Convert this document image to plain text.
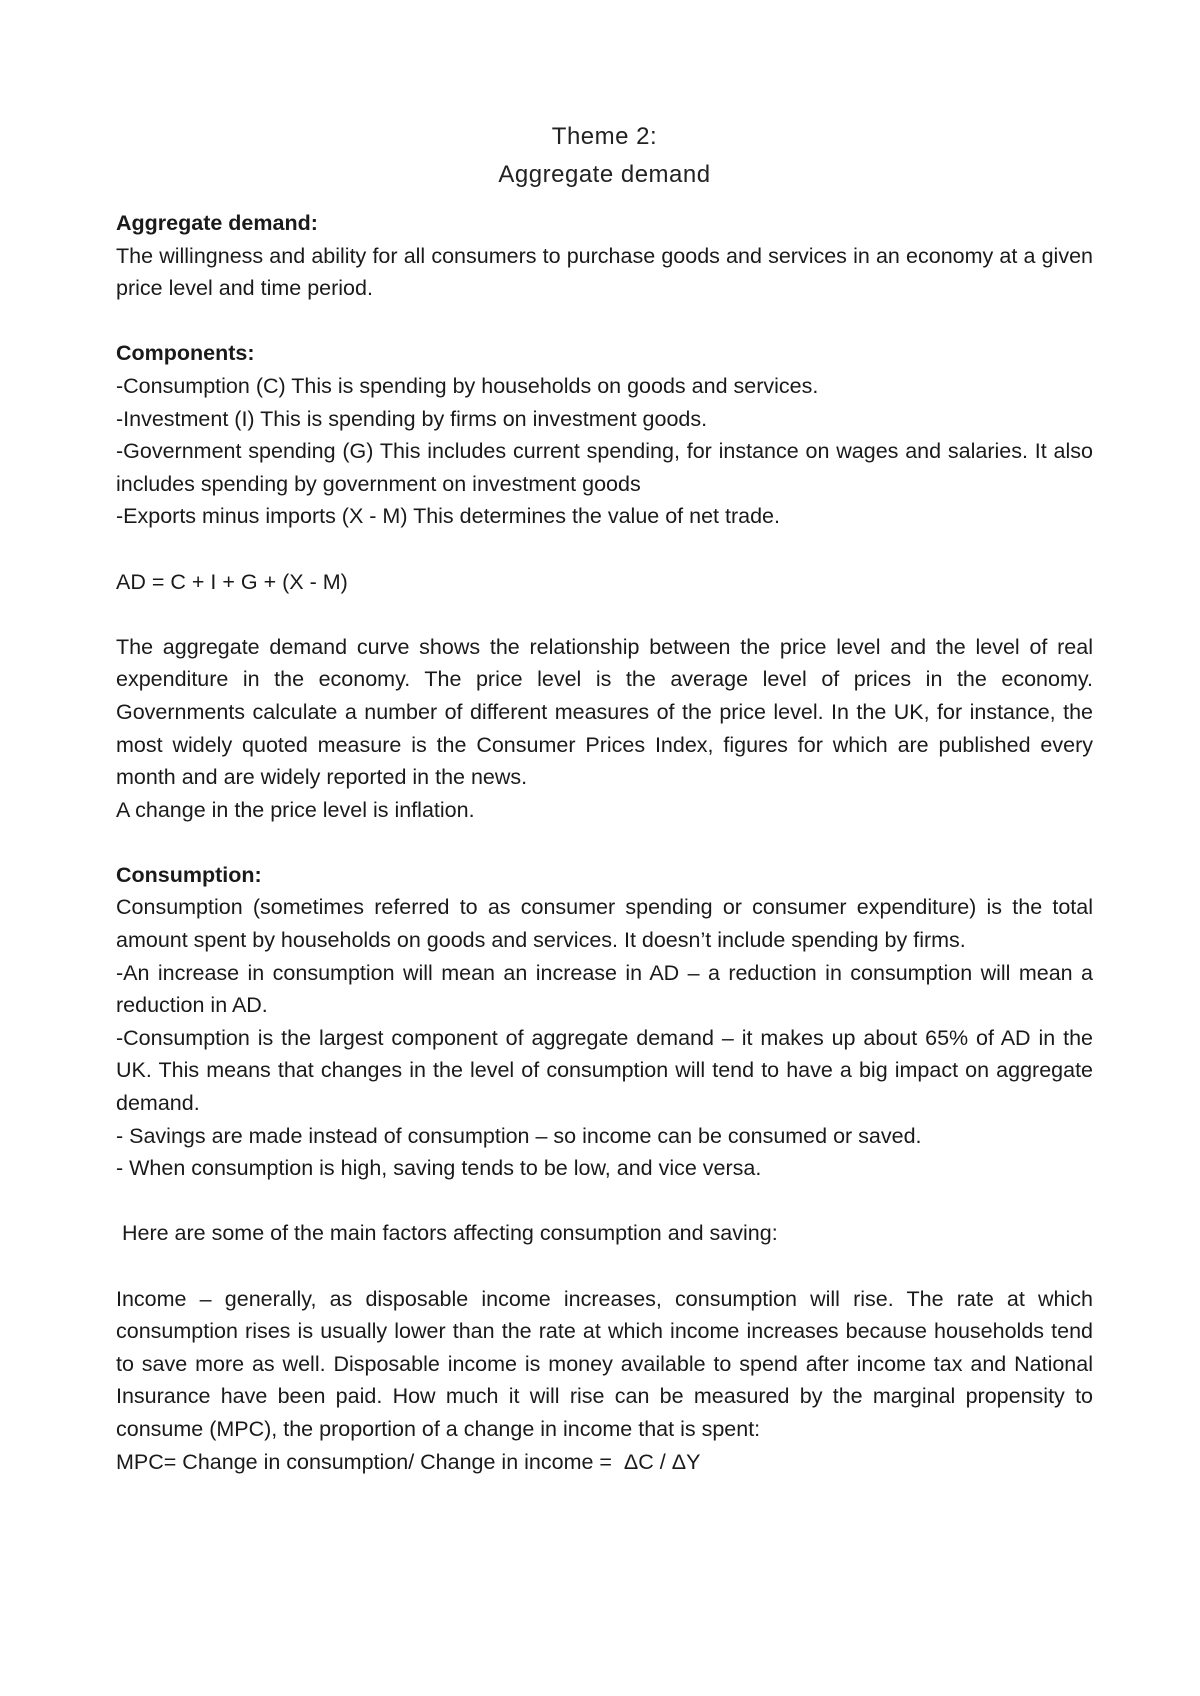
Theme 2:
Aggregate demand

Aggregate demand:

The willingness and ability for all consumers to purchase goods and services in an economy at a given price level and time period.

Components:

-Consumption (C) This is spending by households on goods and services.

-Investment (I) This is spending by firms on investment goods.

-Government spending (G) This includes current spending, for instance on wages and salaries. It also includes spending by government on investment goods

-Exports minus imports (X - M) This determines the value of net trade.

AD = C + I + G + (X - M)

The aggregate demand curve shows the relationship between the price level and the level of real expenditure in the economy. The price level is the average level of prices in the economy. Governments calculate a number of different measures of the price level. In the UK, for instance, the most widely quoted measure is the Consumer Prices Index, figures for which are published every month and are widely reported in the news.

A change in the price level is inflation.

Consumption:

Consumption (sometimes referred to as consumer spending or consumer expenditure) is the total amount spent by households on goods and services. It doesn’t include spending by firms.

-An increase in consumption will mean an increase in AD – a reduction in consumption will mean a reduction in AD.

-Consumption is the largest component of aggregate demand – it makes up about 65% of AD in the UK. This means that changes in the level of consumption will tend to have a big impact on aggregate demand.

- Savings are made instead of consumption – so income can be consumed or saved.

- When consumption is high, saving tends to be low, and vice versa.

Here are some of the main factors affecting consumption and saving:

Income – generally, as disposable income increases, consumption will rise. The rate at which consumption rises is usually lower than the rate at which income increases because households tend to save more as well. Disposable income is money available to spend after income tax and National Insurance have been paid. How much it will rise can be measured by the marginal propensity to consume (MPC), the proportion of a change in income that is spent:

MPC= Change in consumption/ Change in income =  ΔC / ΔY
